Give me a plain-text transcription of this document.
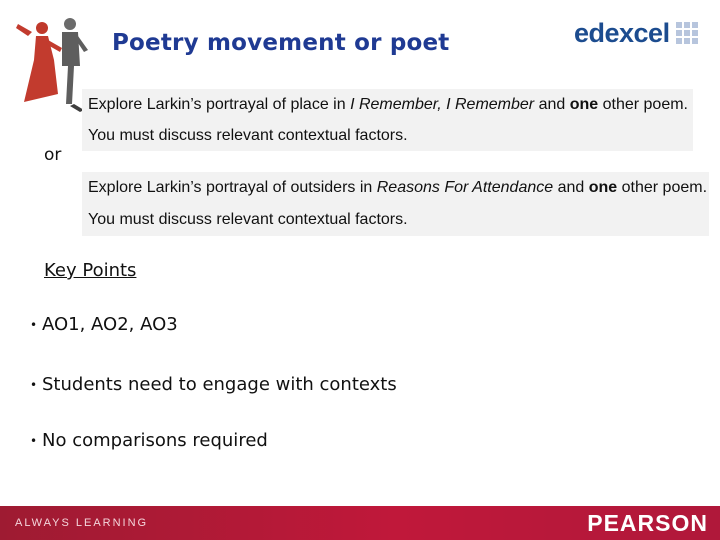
Poetry movement or poet	edexcel
Explore Larkin’s portrayal of place in I Remember, I Remember and one other poem.
You must discuss relevant contextual factors.
or
Explore Larkin’s portrayal of outsiders in Reasons For Attendance and one other poem.
You must discuss relevant contextual factors.
Key Points
• AO1, AO2, AO3
• Students need to engage with contexts
• No comparisons required
ALWAYS LEARNING	PEARSON
